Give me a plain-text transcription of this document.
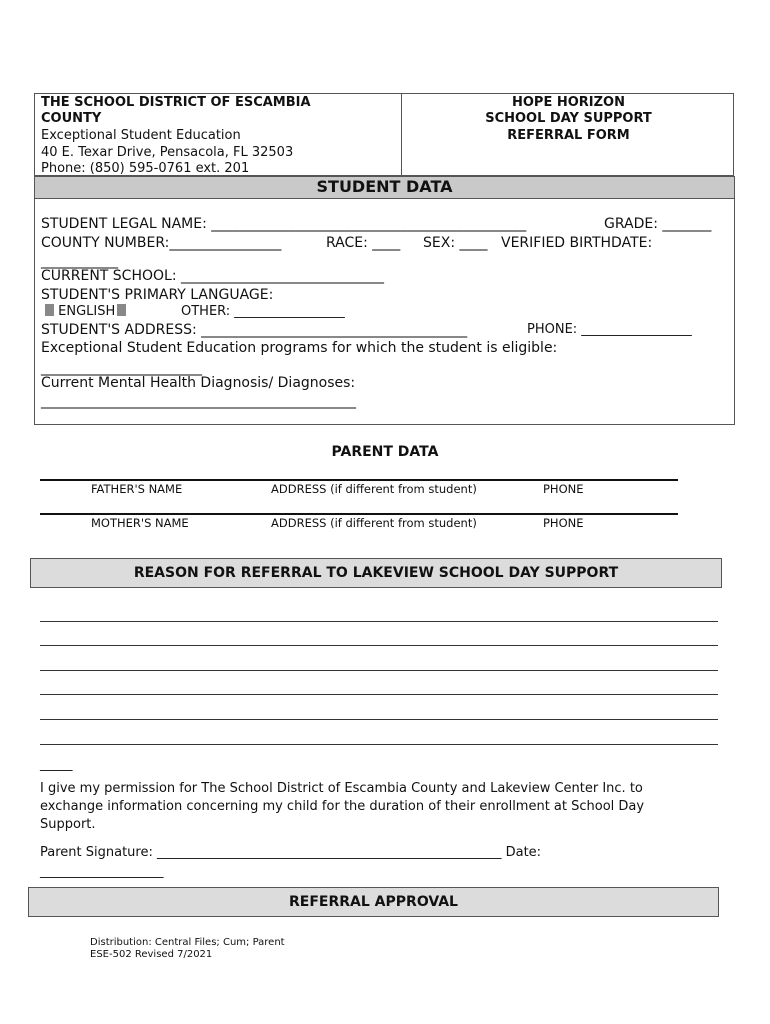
THE SCHOOL DISTRICT OF ESCAMBIA
COUNTY
Exceptional Student Education
40 E. Texar Drive, Pensacola, FL 32503
Phone: (850) 595-0761 ext. 201
HOPE HORIZON
SCHOOL DAY SUPPORT
REFERRAL FORM
STUDENT DATA
STUDENT LEGAL NAME: _____________________________________________	GRADE: _______
COUNTY NUMBER:________________	RACE: ____ SEX: ____ VERIFIED BIRTHDATE:
___________
CURRENT SCHOOL: _____________________________
STUDENT'S PRIMARY LANGUAGE:
ENGLISH	OTHER: _________________
STUDENT'S ADDRESS: ______________________________________	PHONE: _________________
Exceptional Student Education programs for which the student is eligible:
_______________________
Current Mental Health Diagnosis/ Diagnoses:
_____________________________________________
PARENT DATA
FATHER'S NAME	ADDRESS (if different from student)	PHONE
MOTHER'S NAME	ADDRESS (if different from student)	PHONE
REASON FOR REFERRAL TO LAKEVIEW SCHOOL DAY SUPPORT
_____
I give my permission for The School District of Escambia County and Lakeview Center Inc. to exchange information concerning my child for the duration of their enrollment at School Day Support.
Parent Signature: _____________________________________________________ Date:
___________________
REFERRAL APPROVAL
Distribution: Central Files; Cum; Parent
ESE-502 Revised 7/2021
